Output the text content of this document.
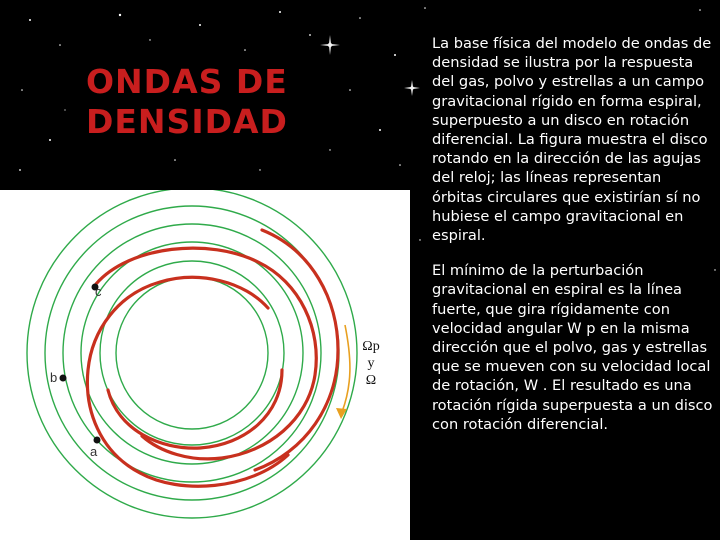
ONDAS DE
DENSIDAD
c
b
a
Ωp
y
Ω

La base física del modelo de ondas de densidad se ilustra por la respuesta del gas, polvo y estrellas a un campo gravitacional rígido en forma espiral, superpuesto a un disco en rotación diferencial. La figura muestra el disco rotando en la dirección de las agujas del reloj; las líneas representan órbitas circulares que existirían sí no hubiese el campo gravitacional en espiral.

El mínimo de la perturbación gravitacional en espiral es la línea fuerte, que gira rígidamente con velocidad angular W p en la misma dirección que el polvo, gas y estrellas que se mueven con su velocidad local de rotación, W . El resultado es una rotación rígida superpuesta a un disco con rotación diferencial.
